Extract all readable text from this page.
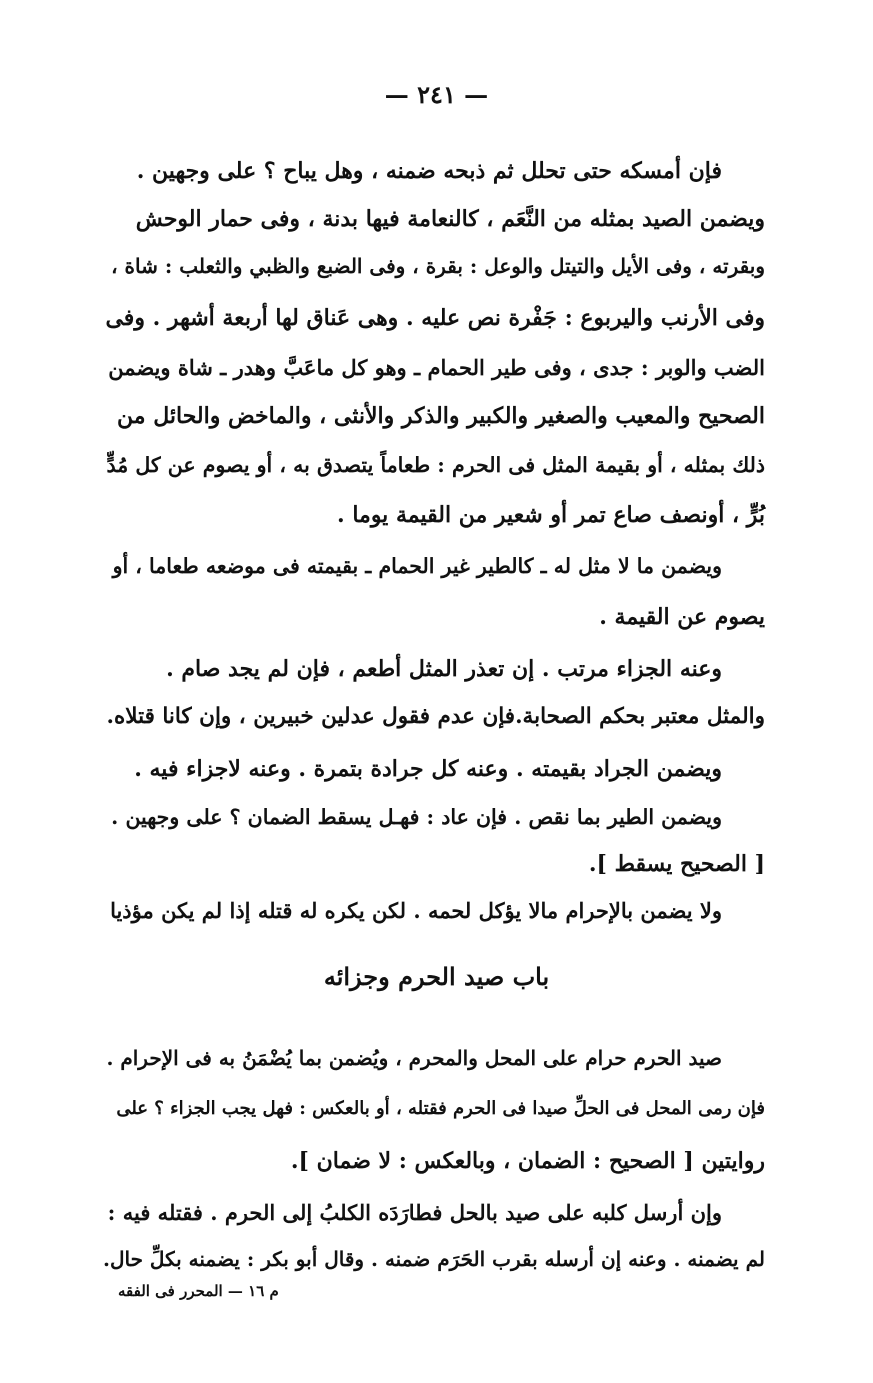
— ٢٤١ —
فإن أمسكه حتى تحلل ثم ذبحه ضمنه ، وهل يباح ؟ على وجهين .
ويضمن الصيد بمثله من النَّعَم ، كالنعامة فيها بدنة ، وفى حمار الوحش
وبقرته ، وفى الأيل والتيتل والوعل : بقرة ، وفى الضبع والظبي والثعلب : شاة ،
وفى الأرنب واليربوع : جَفْرة نص عليه . وهى عَناق لها أربعة أشهر . وفى
الضب والوبر : جدى ، وفى طير الحمام ـ وهو كل ماعَبَّ وهدر ـ شاة ويضمن
الصحيح والمعيب والصغير والكبير والذكر والأنثى ، والماخض والحائل من
ذلك بمثله ، أو بقيمة المثل فى الحرم : طعاماً يتصدق به ، أو يصوم عن كل مُدٍّ
بُرٍّ ، أونصف صاع تمر أو شعير من القيمة يوما .
ويضمن ما لا مثل له ـ كالطير غير الحمام ـ بقيمته فى موضعه طعاما ، أو
يصوم عن القيمة .
وعنه الجزاء مرتب . إن تعذر المثل أطعم ، فإن لم يجد صام .
والمثل معتبر بحكم الصحابة.فإن عدم فقول عدلين خبيرين ، وإن كانا قتلاه.
ويضمن الجراد بقيمته . وعنه كل جرادة بتمرة . وعنه لاجزاء فيه .
ويضمن الطير بما نقص . فإن عاد : فهـل يسقط الضمان ؟ على وجهين .
[ الصحيح يسقط ].
ولا يضمن بالإحرام مالا يؤكل لحمه . لكن يكره له قتله إذا لم يكن مؤذيا
باب صيد الحرم وجزائه
صيد الحرم حرام على المحل والمحرم ، ويُضمن بما يُضْمَنُ به فى الإحرام .
فإن رمى المحل فى الحلِّ صيدا فى الحرم فقتله ، أو بالعكس : فهل يجب الجزاء ؟ على
روايتين [ الصحيح : الضمان ، وبالعكس : لا ضمان ].
وإن أرسل كلبه على صيد بالحل فطارَدَه الكلبُ إلى الحرم . فقتله فيه :
لم يضمنه . وعنه إن أرسله بقرب الحَرَم ضمنه . وقال أبو بكر : يضمنه بكلِّ حال.
م ١٦ — المحرر فى الفقه
